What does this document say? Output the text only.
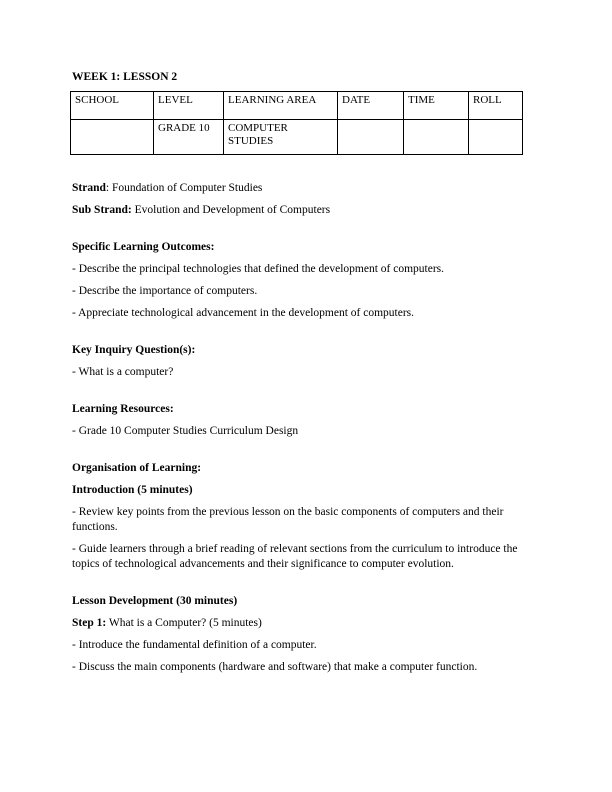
WEEK 1: LESSON 2

SCHOOL	LEVEL	LEARNING AREA	DATE	TIME	ROLL
	GRADE 10	COMPUTER STUDIES			

Strand: Foundation of Computer Studies

Sub Strand: Evolution and Development of Computers

Specific Learning Outcomes:

- Describe the principal technologies that defined the development of computers.

- Describe the importance of computers.

- Appreciate technological advancement in the development of computers.

Key Inquiry Question(s):

- What is a computer?

Learning Resources:

- Grade 10 Computer Studies Curriculum Design

Organisation of Learning:

Introduction (5 minutes)

- Review key points from the previous lesson on the basic components of computers and their functions.

- Guide learners through a brief reading of relevant sections from the curriculum to introduce the topics of technological advancements and their significance to computer evolution.

Lesson Development (30 minutes)

Step 1: What is a Computer? (5 minutes)

- Introduce the fundamental definition of a computer.

- Discuss the main components (hardware and software) that make a computer function.
